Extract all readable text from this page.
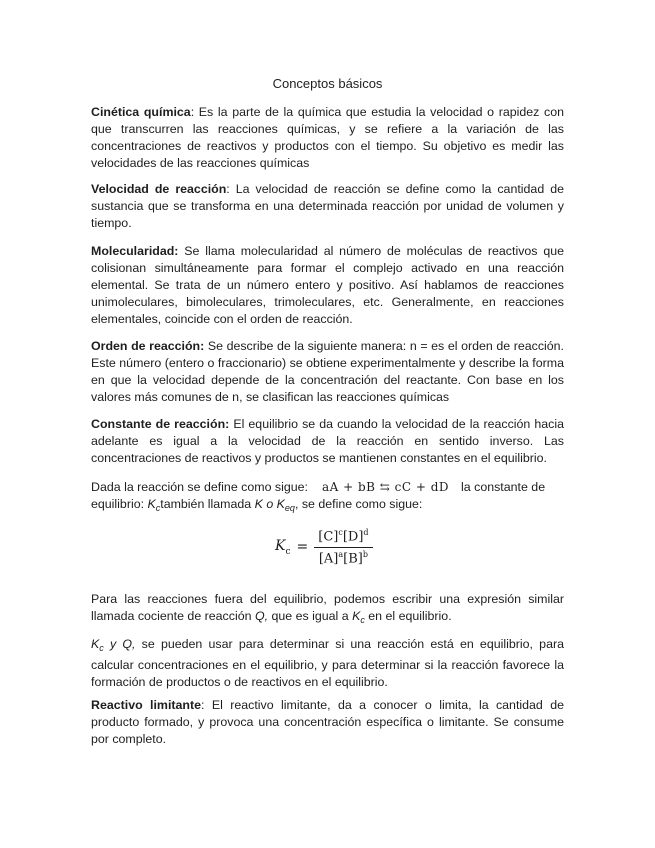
Conceptos básicos

Cinética química: Es la parte de la química que estudia la velocidad o rapidez con que transcurren las reacciones químicas, y se refiere a la variación de las concentraciones de reactivos y productos con el tiempo. Su objetivo es medir las velocidades de las reacciones químicas

Velocidad de reacción: La velocidad de reacción se define como la cantidad de sustancia que se transforma en una determinada reacción por unidad de volumen y tiempo.

Molecularidad: Se llama molecularidad al número de moléculas de reactivos que colisionan simultáneamente para formar el complejo activado en una reacción elemental. Se trata de un número entero y positivo. Así hablamos de reacciones unimoleculares, bimoleculares, trimoleculares, etc. Generalmente, en reacciones elementales, coincide con el orden de reacción.

Orden de reacción: Se describe de la siguiente manera: n = es el orden de reacción. Este número (entero o fraccionario) se obtiene experimentalmente y describe la forma en que la velocidad depende de la concentración del reactante. Con base en los valores más comunes de n, se clasifican las reacciones químicas

Constante de reacción: El equilibrio se da cuando la velocidad de la reacción hacia adelante es igual a la velocidad de la reacción en sentido inverso. Las concentraciones de reactivos y productos se mantienen constantes en el equilibrio.

Dada la reacción se define como sigue: aA + bB ⇆ cC + dD la constante de equilibrio: $K_ctambién$ llamada K o $K_{eq}$, se define como sigue:

$K_c = \frac{[C]^c[D]^d}{[A]^a[B]^b}$

Para las reacciones fuera del equilibrio, podemos escribir una expresión similar llamada cociente de reacción Q, que es igual a $K_c$ en el equilibrio.

$K_c$ y Q, se pueden usar para determinar si una reacción está en equilibrio, para calcular concentraciones en el equilibrio, y para determinar si la reacción favorece la formación de productos o de reactivos en el equilibrio.

Reactivo limitante: El reactivo limitante, da a conocer o limita, la cantidad de producto formado, y provoca una concentración específica o limitante. Se consume por completo.
